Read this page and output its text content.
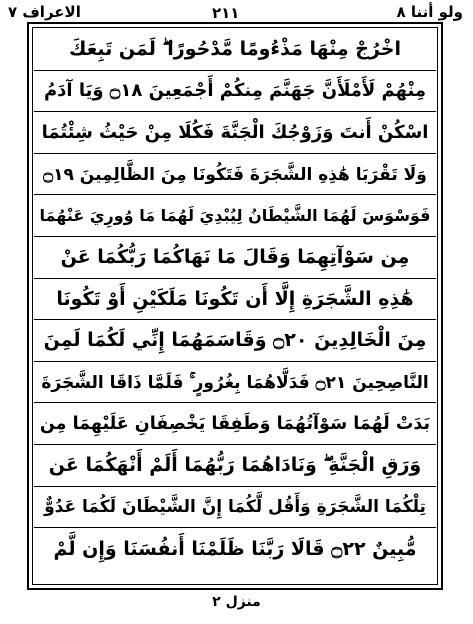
الاعراف ٧	٢١١	ولو أننا ٨
اخْرُجْ مِنْهَا مَذْءُومًا مَّدْحُورًا ۖ لَمَن تَبِعَكَ
مِنْهُمْ لَأَمْلَأَنَّ جَهَنَّمَ مِنكُمْ أَجْمَعِينَ ۝١٨ وَيَا آدَمُ
اسْكُنْ أَنتَ وَزَوْجُكَ الْجَنَّةَ فَكُلَا مِنْ حَيْثُ شِئْتُمَا
وَلَا تَقْرَبَا هَٰذِهِ الشَّجَرَةَ فَتَكُونَا مِنَ الظَّالِمِينَ ۝١٩
فَوَسْوَسَ لَهُمَا الشَّيْطَانُ لِيُبْدِيَ لَهُمَا مَا وُورِيَ عَنْهُمَا
مِن سَوْآتِهِمَا وَقَالَ مَا نَهَاكُمَا رَبُّكُمَا عَنْ
هَٰذِهِ الشَّجَرَةِ إِلَّا أَن تَكُونَا مَلَكَيْنِ أَوْ تَكُونَا
مِنَ الْخَالِدِينَ ۝٢٠ وَقَاسَمَهُمَا إِنِّي لَكُمَا لَمِنَ
النَّاصِحِينَ ۝٢١ فَدَلَّاهُمَا بِغُرُورٍ ۚ فَلَمَّا ذَاقَا الشَّجَرَةَ
بَدَتْ لَهُمَا سَوْآتُهُمَا وَطَفِقَا يَخْصِفَانِ عَلَيْهِمَا مِن
وَرَقِ الْجَنَّةِ ۖ وَنَادَاهُمَا رَبُّهُمَا أَلَمْ أَنْهَكُمَا عَن
تِلْكُمَا الشَّجَرَةِ وَأَقُل لَّكُمَا إِنَّ الشَّيْطَانَ لَكُمَا عَدُوٌّ
مُّبِينٌ ۝٢٢ قَالَا رَبَّنَا ظَلَمْنَا أَنفُسَنَا وَإِن لَّمْ
منزل ٢
